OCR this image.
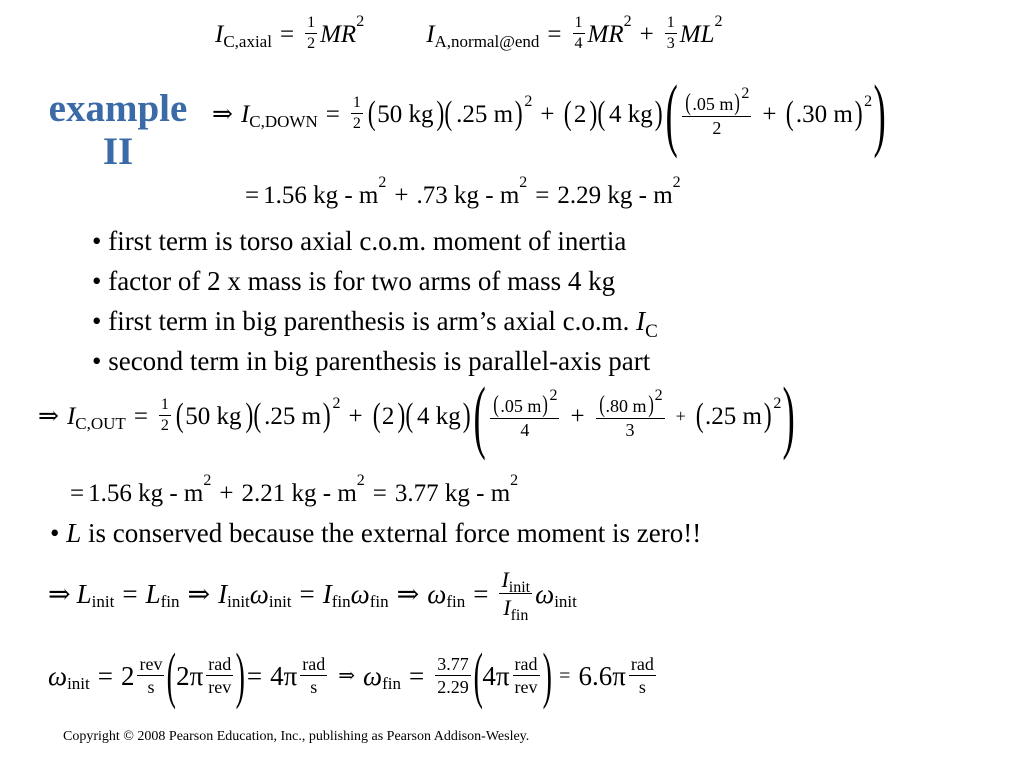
example
II
I C,axial = $\frac{1}{2}$ M R 2 I A,normal@end = $\frac{1}{4}$ M R $2 + \frac{1}{3}$ M L 2
⇒ I C,DOWN = $\frac{1}{2}$ ( 50 kg )( .25 m ) 2 + ( 2 )( 4 kg ) ( $\frac{(.05 m)2}{2}$ + ( .30 m ) 2 )
= 1.56 kg - m 2 + .73 kg - m 2 = 2.29 kg - m 2
• first term is torso axial c.o.m. moment of inertia
• factor of 2 x mass is for two arms of mass 4 kg
• first term in big parenthesis is arm’s axial c.o.m. $I_C$
• second term in big parenthesis is parallel-axis part
⇒ I $C,OUT = \frac{1}{2}$ ( 50 kg )( .25 m ) 2 + ( 2 )( 4 kg ) ( $\frac{(.05 m)2}{4} + \frac{(.80 m)2}{3}$ + ( .25 m ) 2 )
= 1.56 kg - m 2 + 2.21 kg - m 2 = 3.77 kg - m 2
• L is conserved because the external force moment is zero!!
⇒ L init = L fin ⇒ I init ω init = I fin ω fin ⇒ ω fin = $\frac{I_{init}}{I_{fin}}$ ω init
ω init = $2 \frac{\text{rev}}{s}$ ( $2\pi \frac{\text{rad}}{\text{rev}}$ ) = $4\pi \frac{\text{rad}}{s}$ ⇒ ω fin = $\frac{3.77}{2.29}$ ( $4\pi \frac{\text{rad}}{\text{rev}}$ ) = $6.6\pi \frac{\text{rad}}{s}$
Copyright © 2008 Pearson Education, Inc., publishing as Pearson Addison-Wesley.
